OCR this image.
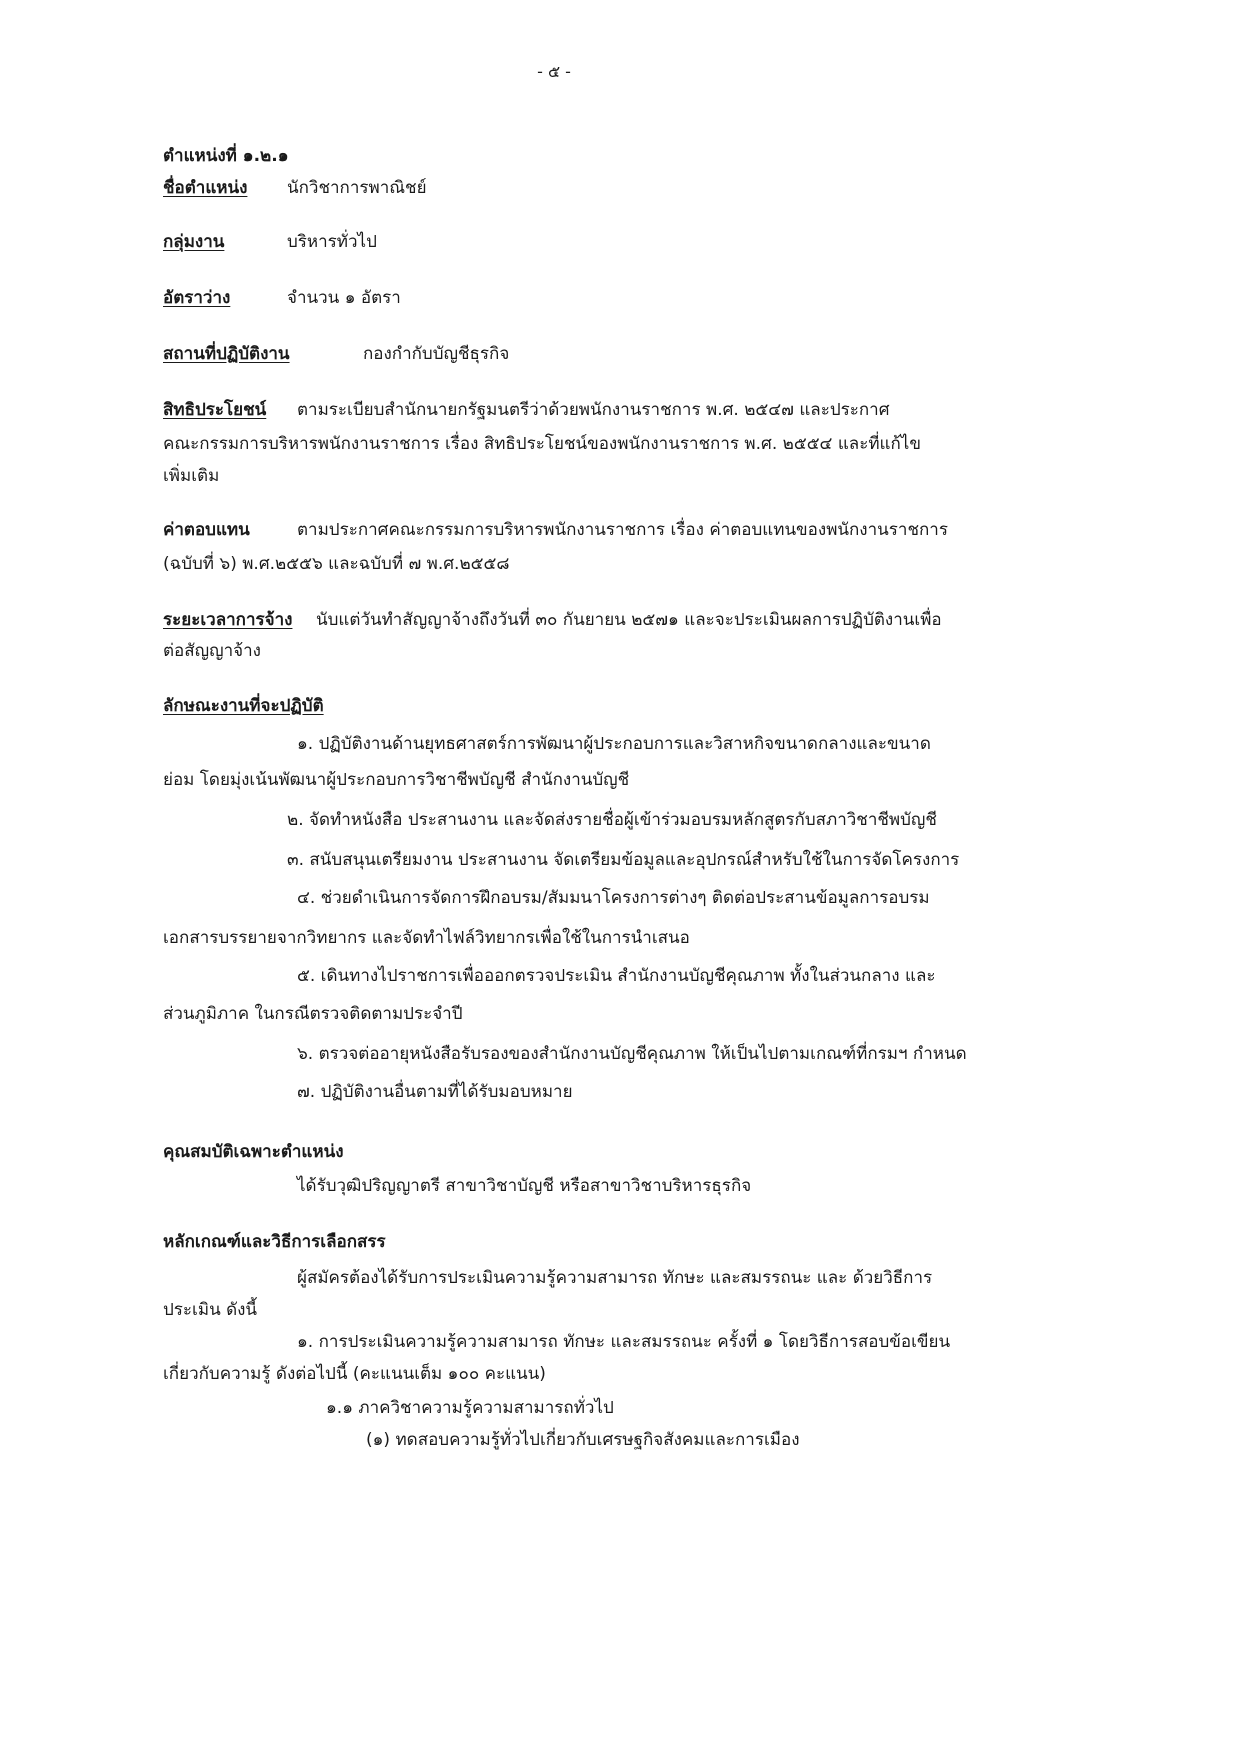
- ๕ -
ตำแหน่งที่ ๑.๒.๑
ชื่อตำแหน่ง นักวิชาการพาณิชย์
กลุ่มงาน	บริหารทั่วไป
อัตราว่าง	จำนวน ๑ อัตรา
สถานที่ปฏิบัติงาน	กองกำกับบัญชีธุรกิจ
สิทธิประโยชน์ ตามระเบียบสำนักนายกรัฐมนตรีว่าด้วยพนักงานราชการ พ.ศ. ๒๕๔๗ และประกาศ
คณะกรรมการบริหารพนักงานราชการ เรื่อง สิทธิประโยชน์ของพนักงานราชการ พ.ศ. ๒๕๕๔ และที่แก้ไข
เพิ่มเติม
ค่าตอบแทน	ตามประกาศคณะกรรมการบริหารพนักงานราชการ เรื่อง ค่าตอบแทนของพนักงานราชการ
(ฉบับที่ ๖) พ.ศ.๒๕๕๖ และฉบับที่ ๗ พ.ศ.๒๕๕๘
ระยะเวลาการจ้าง นับแต่วันทำสัญญาจ้างถึงวันที่ ๓๐ กันยายน ๒๕๗๑ และจะประเมินผลการปฏิบัติงานเพื่อ
ต่อสัญญาจ้าง
ลักษณะงานที่จะปฏิบัติ
๑. ปฏิบัติงานด้านยุทธศาสตร์การพัฒนาผู้ประกอบการและวิสาหกิจขนาดกลางและขนาด
ย่อม โดยมุ่งเน้นพัฒนาผู้ประกอบการวิชาชีพบัญชี สำนักงานบัญชี
๒. จัดทำหนังสือ ประสานงาน และจัดส่งรายชื่อผู้เข้าร่วมอบรมหลักสูตรกับสภาวิชาชีพบัญชี
๓. สนับสนุนเตรียมงาน ประสานงาน จัดเตรียมข้อมูลและอุปกรณ์สำหรับใช้ในการจัดโครงการ
๔. ช่วยดำเนินการจัดการฝึกอบรม/สัมมนาโครงการต่างๆ ติดต่อประสานข้อมูลการอบรม
เอกสารบรรยายจากวิทยากร และจัดทำไฟล์วิทยากรเพื่อใช้ในการนำเสนอ
๕. เดินทางไปราชการเพื่อออกตรวจประเมิน สำนักงานบัญชีคุณภาพ ทั้งในส่วนกลาง และ
ส่วนภูมิภาค ในกรณีตรวจติดตามประจำปี
๖. ตรวจต่ออายุหนังสือรับรองของสำนักงานบัญชีคุณภาพ ให้เป็นไปตามเกณฑ์ที่กรมฯ กำหนด
๗. ปฏิบัติงานอื่นตามที่ได้รับมอบหมาย
คุณสมบัติเฉพาะตำแหน่ง
ได้รับวุฒิปริญญาตรี สาขาวิชาบัญชี หรือสาขาวิชาบริหารธุรกิจ
หลักเกณฑ์และวิธีการเลือกสรร
ผู้สมัครต้องได้รับการประเมินความรู้ความสามารถ ทักษะ และสมรรถนะ และ ด้วยวิธีการ
ประเมิน ดังนี้
๑. การประเมินความรู้ความสามารถ ทักษะ และสมรรถนะ ครั้งที่ ๑ โดยวิธีการสอบข้อเขียน
เกี่ยวกับความรู้ ดังต่อไปนี้ (คะแนนเต็ม ๑๐๐ คะแนน)
๑.๑ ภาควิชาความรู้ความสามารถทั่วไป
(๑) ทดสอบความรู้ทั่วไปเกี่ยวกับเศรษฐกิจสังคมและการเมือง
